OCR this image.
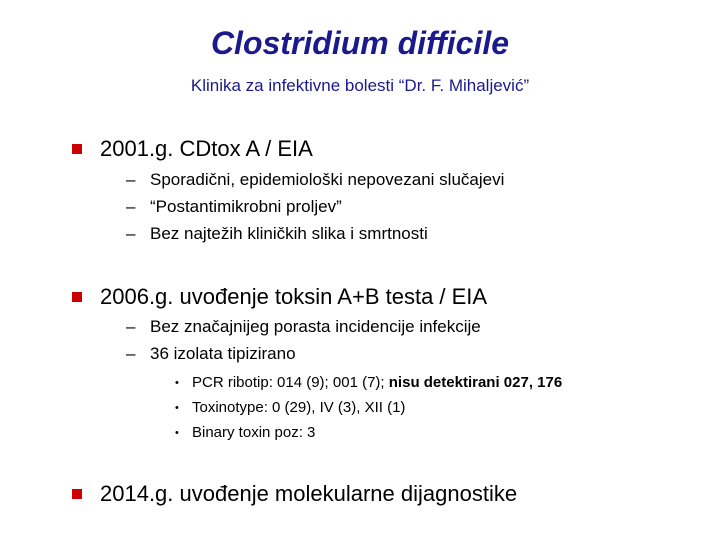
Clostridium difficile
Klinika za infektivne bolesti “Dr. F. Mihaljević”
2001.g. CDtox A / EIA
– Sporadični, epidemiološki nepovezani slučajevi
– “Postantimikrobni proljev”
– Bez najtežih kliničkih slika i smrtnosti
2006.g. uvođenje toksin A+B testa / EIA
– Bez značajnijeg porasta incidencije infekcije
– 36 izolata tipizirano
• PCR ribotip: 014 (9); 001 (7); nisu detektirani 027, 176
• Toxinotype: 0 (29), IV (3), XII (1)
• Binary toxin poz: 3
2014.g. uvođenje molekularne dijagnostike
